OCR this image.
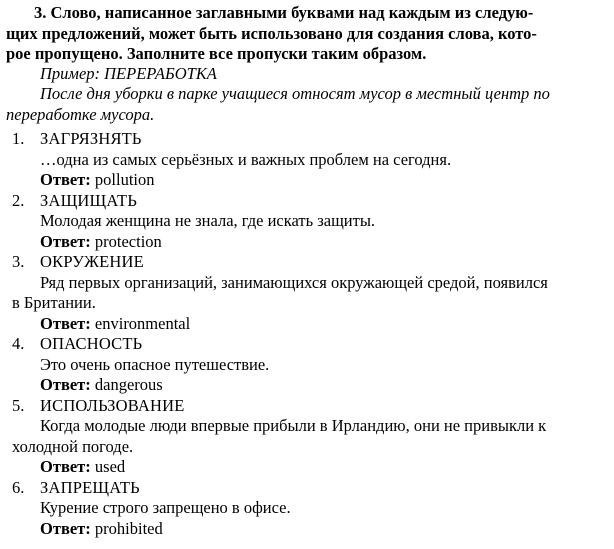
3. Слово, написанное заглавными буквами над каждым из следую-
щих предложений, может быть использовано для создания слова, кото-
рое пропущено. Заполните все пропуски таким образом.
Пример: ПЕРЕРАБОТКА
После дня уборки в парке учащиеся относят мусор в местный центр по
переработке мусора.
1. ЗАГРЯЗНЯТЬ
…одна из самых серьёзных и важных проблем на сегодня.
Ответ: pollution
2. ЗАЩИЩАТЬ
Молодая женщина не знала, где искать защиты.
Ответ: protection
3. ОКРУЖЕНИЕ
Ряд первых организаций, занимающихся окружающей средой, появился
в Британии.
Ответ: environmental
4. ОПАСНОСТЬ
Это очень опасное путешествие.
Ответ: dangerous
5. ИСПОЛЬЗОВАНИЕ
Когда молодые люди впервые прибыли в Ирландию, они не привыкли к
холодной погоде.
Ответ: used
6. ЗАПРЕЩАТЬ
Курение строго запрещено в офисе.
Ответ: prohibited
